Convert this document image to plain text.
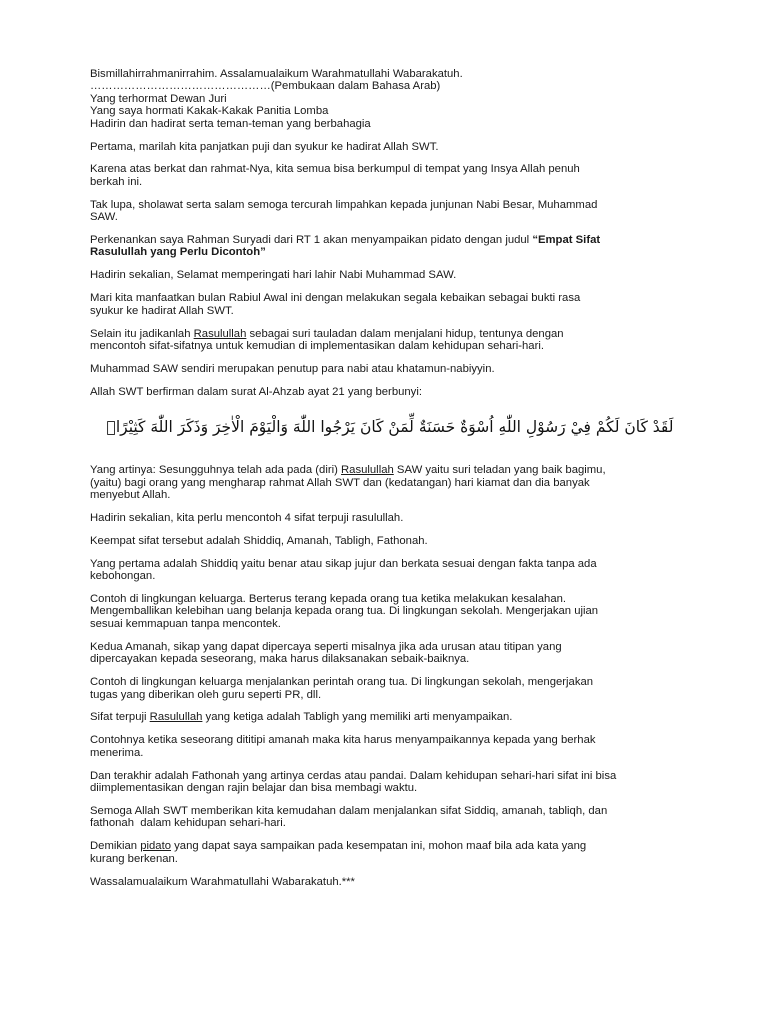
Bismillahirrahmanirrahim. Assalamualaikum Warahmatullahi Wabarakatuh.
…………………………………………(Pembukaan dalam Bahasa Arab)
Yang terhormat Dewan Juri
Yang saya hormati Kakak-Kakak Panitia Lomba
Hadirin dan hadirat serta teman-teman yang berbahagia

Pertama, marilah kita panjatkan puji dan syukur ke hadirat Allah SWT.

Karena atas berkat dan rahmat-Nya, kita semua bisa berkumpul di tempat yang Insya Allah penuh
berkah ini.

Tak lupa, sholawat serta salam semoga tercurah limpahkan kepada junjunan Nabi Besar, Muhammad
SAW.

Perkenankan saya Rahman Suryadi dari RT 1 akan menyampaikan pidato dengan judul “Empat Sifat
Rasulullah yang Perlu Dicontoh”

Hadirin sekalian, Selamat memperingati hari lahir Nabi Muhammad SAW.

Mari kita manfaatkan bulan Rabiul Awal ini dengan melakukan segala kebaikan sebagai bukti rasa
syukur ke hadirat Allah SWT.

Selain itu jadikanlah Rasulullah sebagai suri tauladan dalam menjalani hidup, tentunya dengan
mencontoh sifat-sifatnya untuk kemudian di implementasikan dalam kehidupan sehari-hari.

Muhammad SAW sendiri merupakan penutup para nabi atau khatamun-nabiyyin.

Allah SWT berfirman dalam surat Al-Ahzab ayat 21 yang berbunyi:

لَقَدْ كَانَ لَكُمْ فِيْ رَسُوْلِ اللّٰهِ اُسْوَةٌ حَسَنَةٌ لِّمَنْ كَانَ يَرْجُوا اللّٰهَ وَالْيَوْمَ الْاٰخِرَ وَذَكَرَ اللّٰهَ كَثِيْرًاۗ

Yang artinya: Sesungguhnya telah ada pada (diri) Rasulullah SAW yaitu suri teladan yang baik bagimu,
(yaitu) bagi orang yang mengharap rahmat Allah SWT dan (kedatangan) hari kiamat dan dia banyak
menyebut Allah.

Hadirin sekalian, kita perlu mencontoh 4 sifat terpuji rasulullah.

Keempat sifat tersebut adalah Shiddiq, Amanah, Tabligh, Fathonah.

Yang pertama adalah Shiddiq yaitu benar atau sikap jujur dan berkata sesuai dengan fakta tanpa ada
kebohongan.

Contoh di lingkungan keluarga. Berterus terang kepada orang tua ketika melakukan kesalahan.
Mengemballikan kelebihan uang belanja kepada orang tua. Di lingkungan sekolah. Mengerjakan ujian
sesuai kemmapuan tanpa mencontek.

Kedua Amanah, sikap yang dapat dipercaya seperti misalnya jika ada urusan atau titipan yang
dipercayakan kepada seseorang, maka harus dilaksanakan sebaik-baiknya.

Contoh di lingkungan keluarga menjalankan perintah orang tua. Di lingkungan sekolah, mengerjakan
tugas yang diberikan oleh guru seperti PR, dll.

Sifat terpuji Rasulullah yang ketiga adalah Tabligh yang memiliki arti menyampaikan.

Contohnya ketika seseorang dititipi amanah maka kita harus menyampaikannya kepada yang berhak
menerima.

Dan terakhir adalah Fathonah yang artinya cerdas atau pandai. Dalam kehidupan sehari-hari sifat ini bisa
diimplementasikan dengan rajin belajar dan bisa membagi waktu.

Semoga Allah SWT memberikan kita kemudahan dalam menjalankan sifat Siddiq, amanah, tabliqh, dan
fathonah  dalam kehidupan sehari-hari.

Demikian pidato yang dapat saya sampaikan pada kesempatan ini, mohon maaf bila ada kata yang
kurang berkenan.

Wassalamualaikum Warahmatullahi Wabarakatuh.***
